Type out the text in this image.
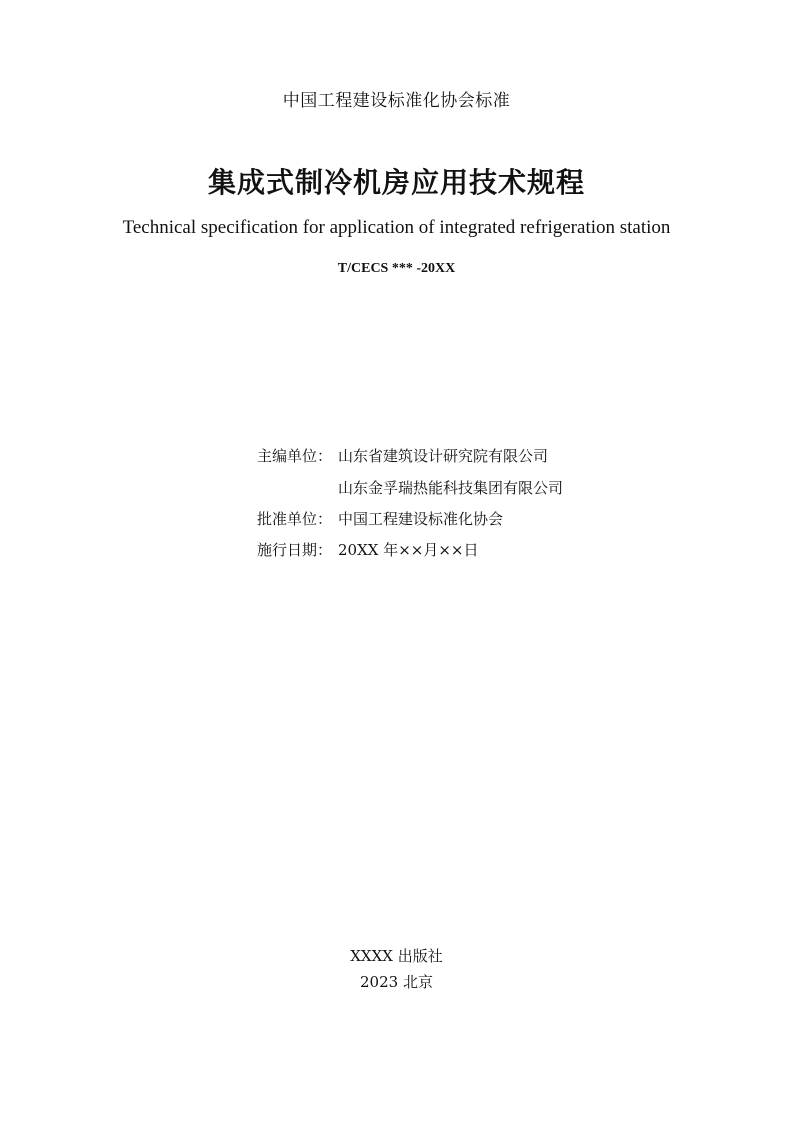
中国工程建设标准化协会标准
集成式制冷机房应用技术规程
Technical specification for application of integrated refrigeration station
T/CECS *** -20XX
主编单位： 山东省建筑设计研究院有限公司
山东金孚瑞热能科技集团有限公司
批准单位： 中国工程建设标准化协会
施行日期： 20XX 年××月××日
XXXX 出版社
2023 北京
